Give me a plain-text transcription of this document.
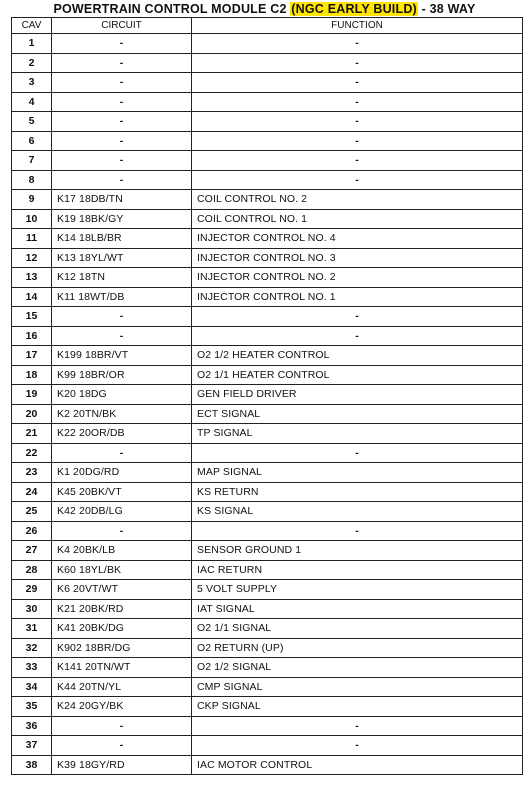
POWERTRAIN CONTROL MODULE C2 (NGC EARLY BUILD) - 38 WAY
CAV	CIRCUIT	FUNCTION
1	-	-
2	-	-
3	-	-
4	-	-
5	-	-
6	-	-
7	-	-
8	-	-
9	K17 18DB/TN	COIL CONTROL NO. 2
10	K19 18BK/GY	COIL CONTROL NO. 1
11	K14 18LB/BR	INJECTOR CONTROL NO. 4
12	K13 18YL/WT	INJECTOR CONTROL NO. 3
13	K12 18TN	INJECTOR CONTROL NO. 2
14	K11 18WT/DB	INJECTOR CONTROL NO. 1
15	-	-
16	-	-
17	K199 18BR/VT	O2 1/2 HEATER CONTROL
18	K99 18BR/OR	O2 1/1 HEATER CONTROL
19	K20 18DG	GEN FIELD DRIVER
20	K2 20TN/BK	ECT SIGNAL
21	K22 20OR/DB	TP SIGNAL
22	-	-
23	K1 20DG/RD	MAP SIGNAL
24	K45 20BK/VT	KS RETURN
25	K42 20DB/LG	KS SIGNAL
26	-	-
27	K4 20BK/LB	SENSOR GROUND 1
28	K60 18YL/BK	IAC RETURN
29	K6 20VT/WT	5 VOLT SUPPLY
30	K21 20BK/RD	IAT SIGNAL
31	K41 20BK/DG	O2 1/1 SIGNAL
32	K902 18BR/DG	O2 RETURN (UP)
33	K141 20TN/WT	O2 1/2 SIGNAL
34	K44 20TN/YL	CMP SIGNAL
35	K24 20GY/BK	CKP SIGNAL
36	-	-
37	-	-
38	K39 18GY/RD	IAC MOTOR CONTROL
